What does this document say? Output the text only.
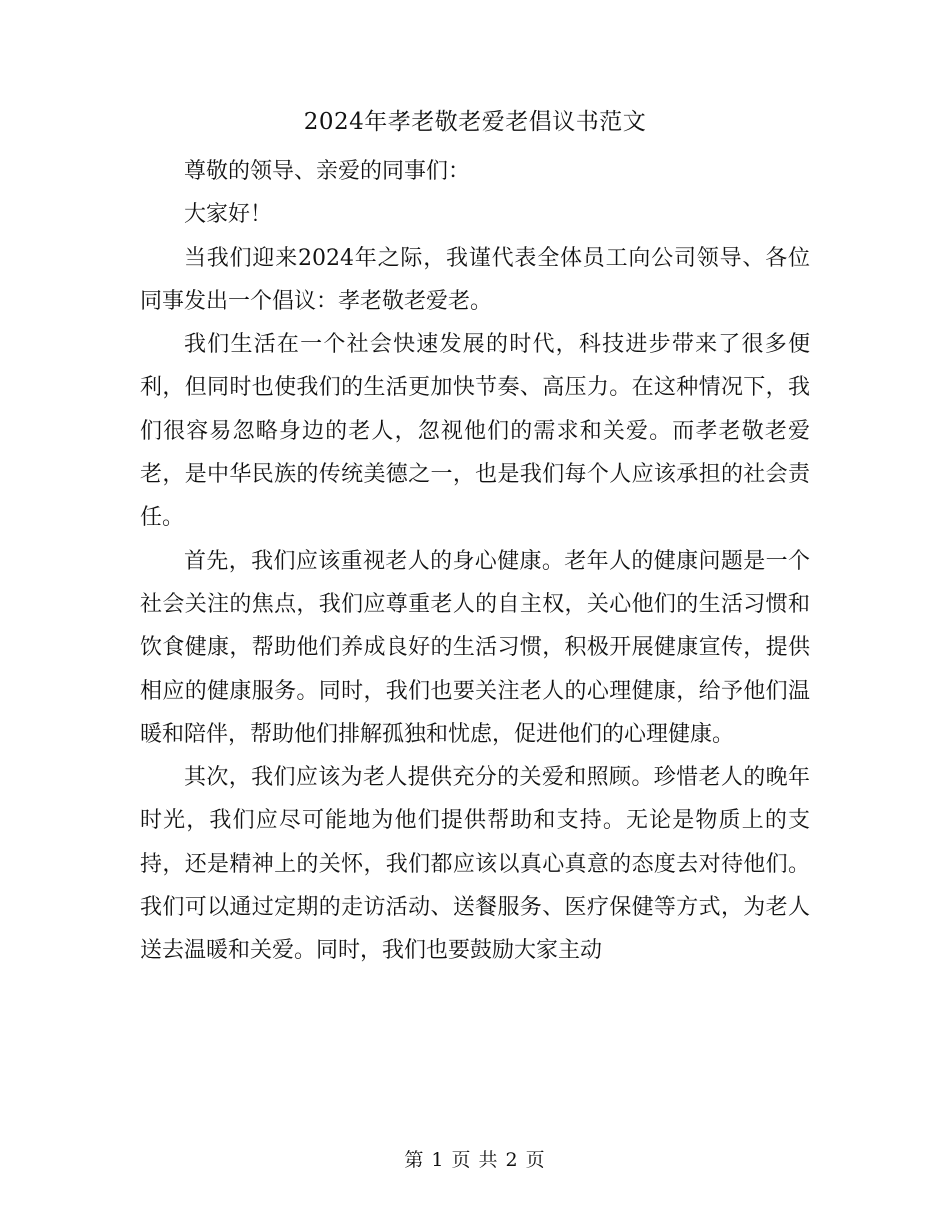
2024年孝老敬老爱老倡议书范文

尊敬的领导、亲爱的同事们：

大家好！

当我们迎来2024年之际，我谨代表全体员工向公司领导、各位同事发出一个倡议：孝老敬老爱老。

我们生活在一个社会快速发展的时代，科技进步带来了很多便利，但同时也使我们的生活更加快节奏、高压力。在这种情况下，我们很容易忽略身边的老人，忽视他们的需求和关爱。而孝老敬老爱老，是中华民族的传统美德之一，也是我们每个人应该承担的社会责任。

首先，我们应该重视老人的身心健康。老年人的健康问题是一个社会关注的焦点，我们应尊重老人的自主权，关心他们的生活习惯和饮食健康，帮助他们养成良好的生活习惯，积极开展健康宣传，提供相应的健康服务。同时，我们也要关注老人的心理健康，给予他们温暖和陪伴，帮助他们排解孤独和忧虑，促进他们的心理健康。

其次，我们应该为老人提供充分的关爱和照顾。珍惜老人的晚年时光，我们应尽可能地为他们提供帮助和支持。无论是物质上的支持，还是精神上的关怀，我们都应该以真心真意的态度去对待他们。我们可以通过定期的走访活动、送餐服务、医疗保健等方式，为老人送去温暖和关爱。同时，我们也要鼓励大家主动

第 1 页 共 2 页
